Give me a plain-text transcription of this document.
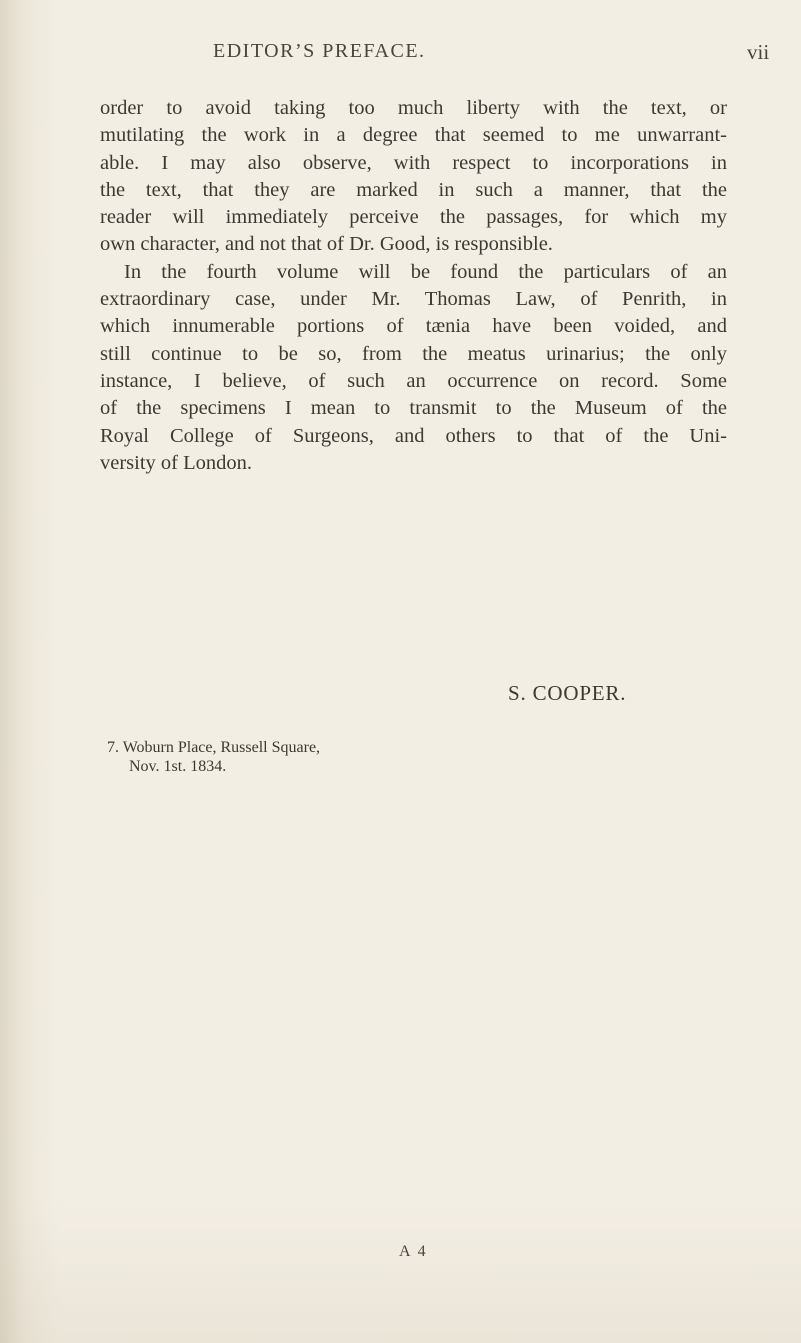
EDITOR’S PREFACE.	vii
order to avoid taking too much liberty with the text, or
mutilating the work in a degree that seemed to me unwarrant-
able. I may also observe, with respect to incorporations in
the text, that they are marked in such a manner, that the
reader will immediately perceive the passages, for which my
own character, and not that of Dr. Good, is responsible.
In the fourth volume will be found the particulars of an
extraordinary case, under Mr. Thomas Law, of Penrith, in
which innumerable portions of tænia have been voided, and
still continue to be so, from the meatus urinarius; the only
instance, I believe, of such an occurrence on record. Some
of the specimens I mean to transmit to the Museum of the
Royal College of Surgeons, and others to that of the Uni-
versity of London.
S. COOPER.
7. Woburn Place, Russell Square,
Nov. 1st. 1834.
A 4
